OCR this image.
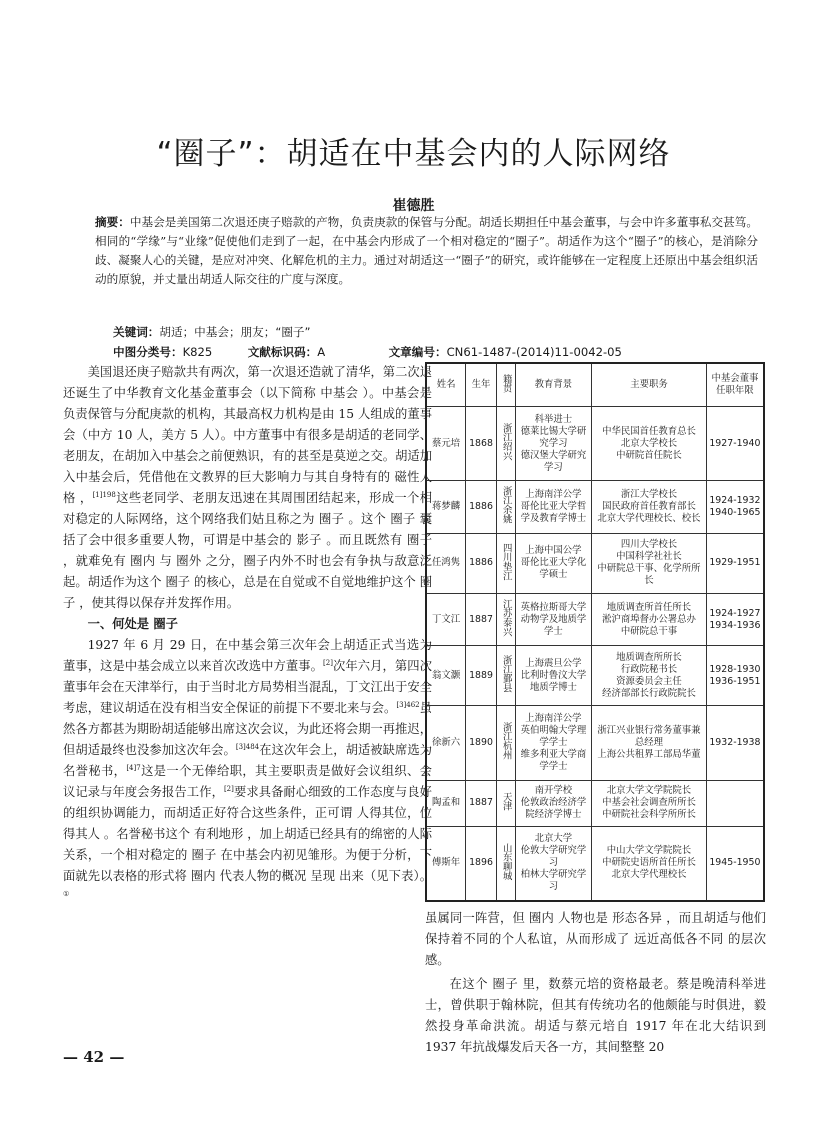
“圈子”：胡适在中基会内的人际网络
崔德胜
摘要：中基会是美国第二次退还庚子赔款的产物，负责庚款的保管与分配。胡适长期担任中基会董事，与会中许多董事私交甚笃。相同的“学缘”与“业缘”促使他们走到了一起，在中基会内形成了一个相对稳定的“圈子”。胡适作为这个“圈子”的核心，是消除分歧、凝聚人心的关键，是应对冲突、化解危机的主力。通过对胡适这一“圈子”的研究，或许能够在一定程度上还原出中基会组织活动的原貌，并丈量出胡适人际交往的广度与深度。
关键词：胡适；中基会；朋友；“圈子”
中图分类号：K825	文献标识码：A	文章编号：CN61-1487-(2014)11-0042-05

美国退还庚子赔款共有两次，第一次退还造就了清华，第二次退还诞生了中华教育文化基金董事会（以下简称 中基会 ）。中基会是负责保管与分配庚款的机构，其最高权力机构是由 15 人组成的董事会（中方 10 人，美方 5 人）。中方董事中有很多是胡适的老同学、老朋友，在胡加入中基会之前便熟识，有的甚至是莫逆之交。胡适加入中基会后，凭借他在文教界的巨大影响力与其自身特有的 磁性人格 ，$^{[1]198}$这些老同学、老朋友迅速在其周围团结起来，形成一个相对稳定的人际网络，这个网络我们姑且称之为 圈子 。这个 圈子 囊括了会中很多重要人物，可谓是中基会的 影子 。而且既然有 圈子 ，就难免有 圈内 与 圈外 之分，圈子内外不时也会有争执与敌意泛起。胡适作为这个 圈子 的核心，总是在自觉或不自觉地维护这个 圈子 ，使其得以保存并发挥作用。

一、何处是 圈子

1927 年 6 月 29 日，在中基会第三次年会上胡适正式当选为董事，这是中基会成立以来首次改选中方董事。[2]次年六月，第四次董事年会在天津举行，由于当时北方局势相当混乱，丁文江出于安全考虑，建议胡适在没有相当安全保证的前提下不要北来与会。$^{[3]462}$虽然各方都甚为期盼胡适能够出席这次会议，为此还将会期一再推迟，但胡适最终也没参加这次年会。$^{[3]484}$在这次年会上，胡适被缺席选为名誉秘书，$^{[4]7}$这是一个无俸给职，其主要职责是做好会议组织、会议记录与年度会务报告工作，[2]要求具备耐心细致的工作态度与良好的组织协调能力，而胡适正好符合这些条件，正可谓 人得其位，位得其人 。名誉秘书这个 有利地形 ，加上胡适已经具有的绵密的人际关系，一个相对稳定的 圈子 在中基会内初见雏形。为便于分析，下面就先以表格的形式将 圈内 代表人物的概况 呈现 出来（见下表）。①

姓名	生年	籍贯	教育背景	主要职务	中基会董事任职年限
蔡元培	1868	浙江绍兴	科举进士
德莱比锡大学研究学习
德汉堡大学研究学习	中华民国首任教育总长
北京大学校长
中研院首任院长	1927-1940
蒋梦麟	1886	浙江余姚	上海南洋公学
哥伦比亚大学哲学及教育学博士	浙江大学校长
国民政府首任教育部长
北京大学代理校长、校长	1924-1932
1940-1965
任鸿隽	1886	四川垫江	上海中国公学
哥伦比亚大学化学硕士	四川大学校长
中国科学社社长
中研院总干事、化学所所长	1929-1951
丁文江	1887	江苏泰兴	英格拉斯哥大学动物学及地质学学士	地质调查所首任所长
淞沪商埠督办公署总办
中研院总干事	1924-1927
1934-1936
翁文灏	1889	浙江鄞县	上海震旦公学
比利时鲁汶大学地质学博士	地质调查所所长
行政院秘书长
资源委员会主任
经济部部长行政院院长	1928-1930
1936-1951
徐新六	1890	浙江杭州	上海南洋公学
英伯明翰大学理学学士
维多利亚大学商学学士	浙江兴业银行常务董事兼总经理
上海公共租界工部局华董	1932-1938
陶孟和	1887	天津	南开学校
伦敦政治经济学院经济学博士	北京大学文学院院长
中基会社会调查所所长
中研院社会科学所所长	
傅斯年	1896	山东聊城	北京大学
伦敦大学研究学习
柏林大学研究学习	中山大学文学院院长
中研院史语所首任所长
北京大学代理校长	1945-1950

虽属同一阵营，但 圈内 人物也是 形态各异 ，而且胡适与他们保持着不同的个人私谊，从而形成了 远近高低各不同 的层次感。

在这个 圈子 里，数蔡元培的资格最老。蔡是晚清科举进士，曾供职于翰林院，但其有传统功名的他颇能与时俱进，毅然投身革命洪流。胡适与蔡元培自 1917 年在北大结识到 1937 年抗战爆发后天各一方，其间整整 20

— 42 —
